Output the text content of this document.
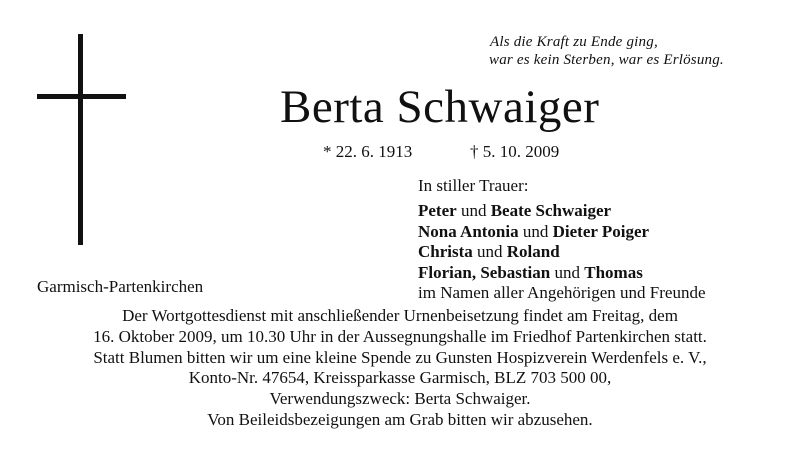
Als die Kraft zu Ende ging,
war es kein Sterben, war es Erlösung.
Berta Schwaiger
* 22. 6. 1913	† 5. 10. 2009
In stiller Trauer:
Peter und Beate Schwaiger
Nona Antonia und Dieter Poiger
Christa und Roland
Florian, Sebastian und Thomas
im Namen aller Angehörigen und Freunde
Garmisch-Partenkirchen
Der Wortgottesdienst mit anschließender Urnenbeisetzung findet am Freitag, dem
16. Oktober 2009, um 10.30 Uhr in der Aussegnungshalle im Friedhof Partenkirchen statt.
Statt Blumen bitten wir um eine kleine Spende zu Gunsten Hospizverein Werdenfels e. V.,
Konto-Nr. 47654, Kreissparkasse Garmisch, BLZ 703 500 00,
Verwendungszweck: Berta Schwaiger.
Von Beileidsbezeigungen am Grab bitten wir abzusehen.
